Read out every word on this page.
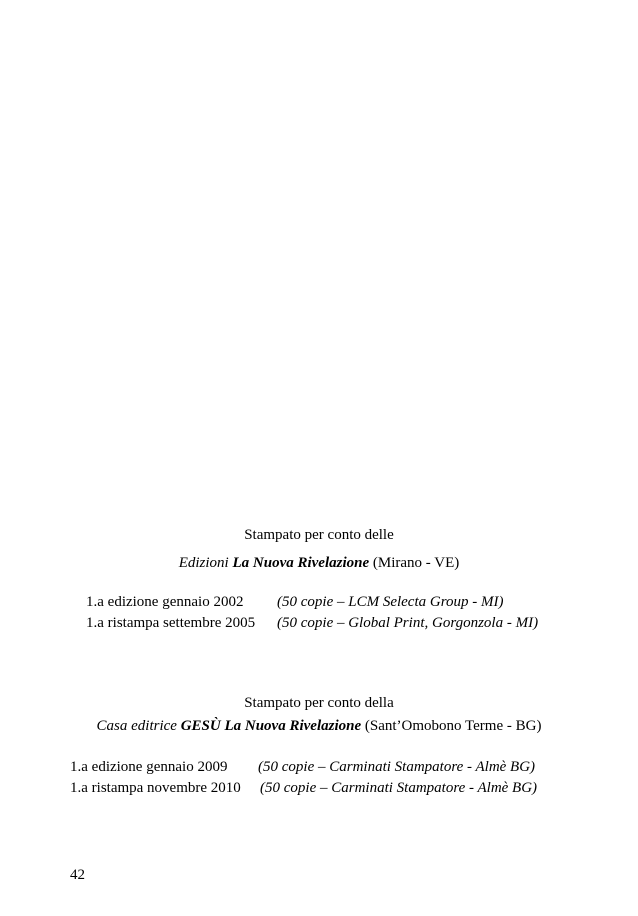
Stampato per conto delle
Edizioni La Nuova Rivelazione (Mirano - VE)
1.a edizione gennaio 2002 (50 copie – LCM Selecta Group - MI)
1.a ristampa settembre 2005 (50 copie – Global Print, Gorgonzola - MI)
Stampato per conto della
Casa editrice GESÙ La Nuova Rivelazione (Sant’Omobono Terme - BG)
1.a edizione gennaio 2009 (50 copie – Carminati Stampatore - Almè BG)
1.a ristampa novembre 2010 (50 copie – Carminati Stampatore - Almè BG)
42
